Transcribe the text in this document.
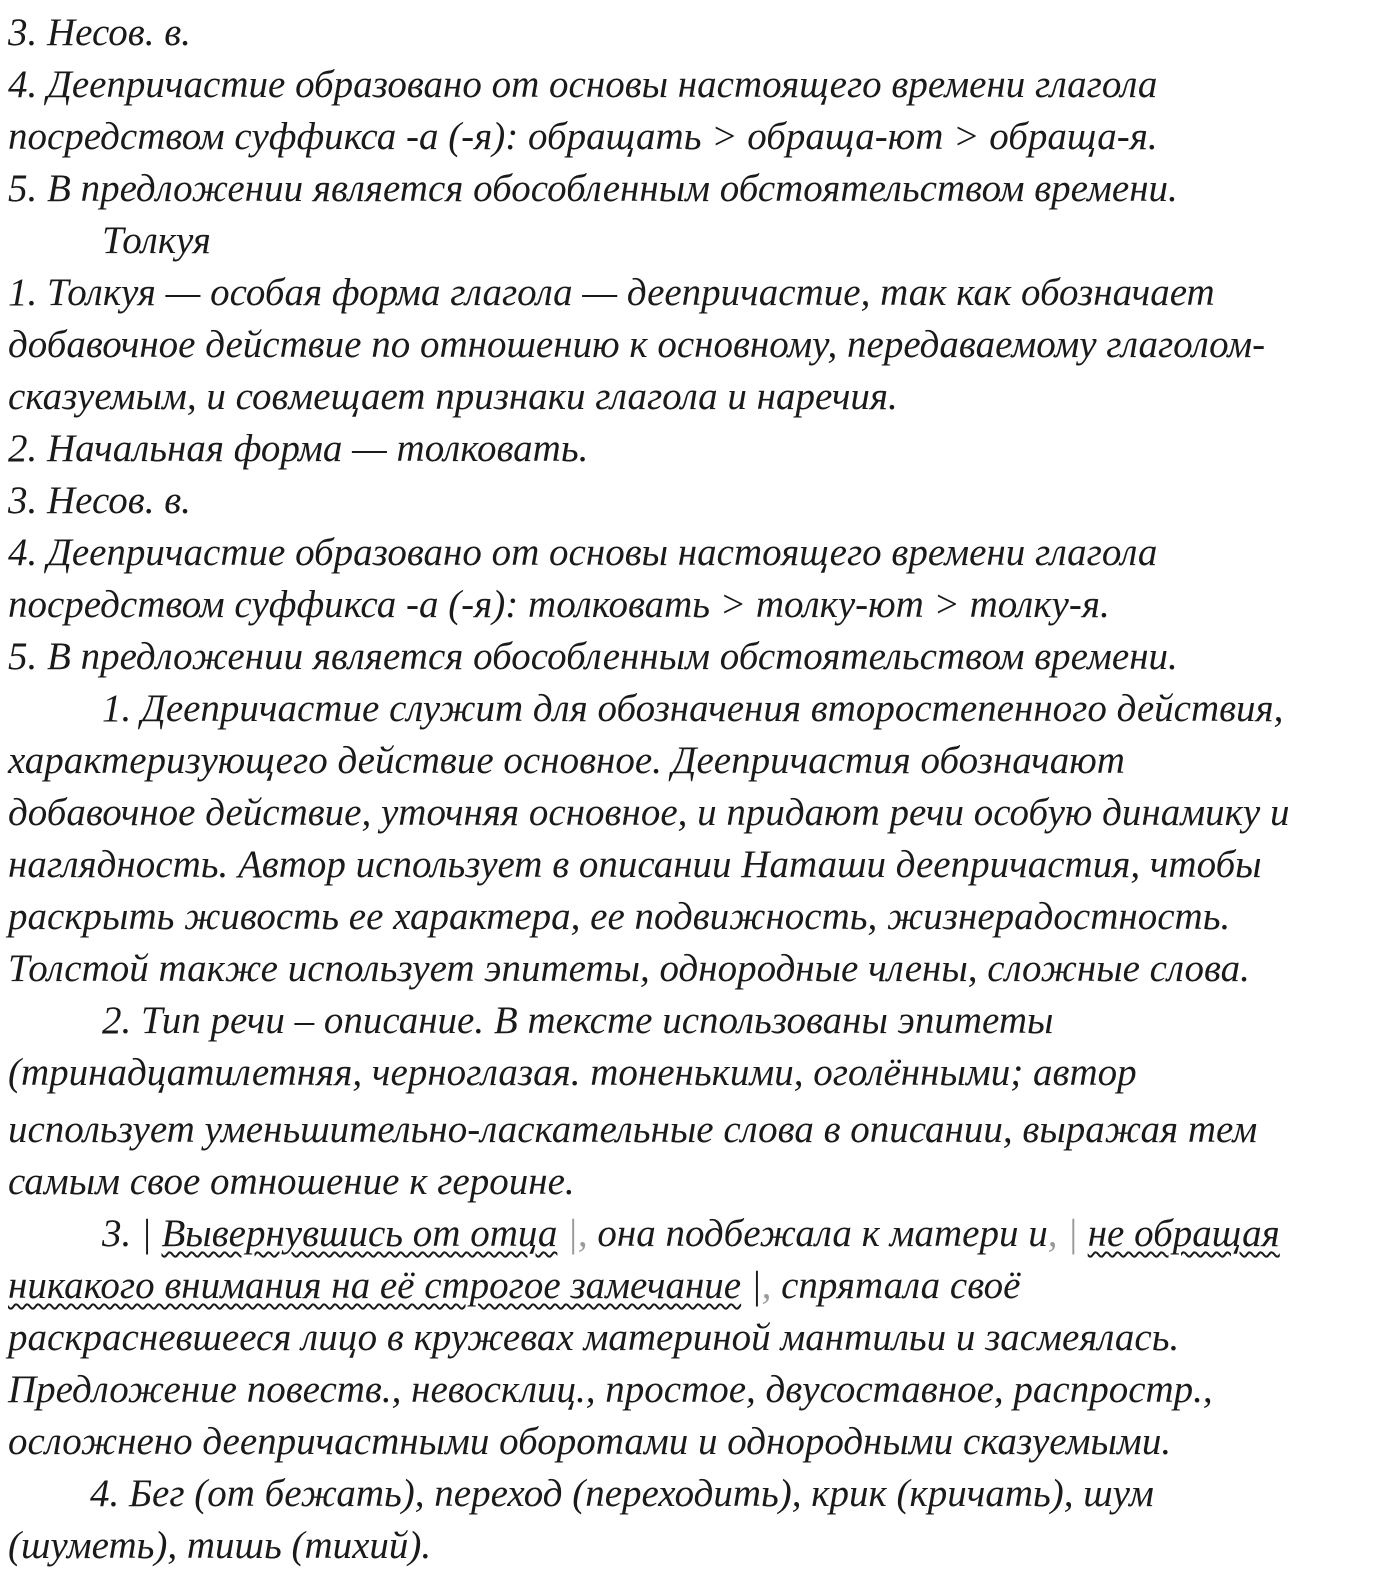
3. Несов. в.
4. Деепричастие образовано от основы настоящего времени глагола
посредством суффикса -а (-я): обращать > обраща-ют > обраща-я.
5. В предложении является обособленным обстоятельством времени.
Толкуя
1. Толкуя — особая форма глагола — деепричастие, так как обозначает
добавочное действие по отношению к основному, передаваемому глаголом-
сказуемым, и совмещает признаки глагола и наречия.
2. Начальная форма — толковать.
3. Несов. в.
4. Деепричастие образовано от основы настоящего времени глагола
посредством суффикса -а (-я): толковать > толку-ют > толку-я.
5. В предложении является обособленным обстоятельством времени.
1. Деепричастие служит для обозначения второстепенного действия,
характеризующего действие основное. Деепричастия обозначают
добавочное действие, уточняя основное, и придают речи особую динамику и
наглядность. Автор использует в описании Наташи деепричастия, чтобы
раскрыть живость ее характера, ее подвижность, жизнерадостность.
Толстой также использует эпитеты, однородные члены, сложные слова.
2. Тип речи – описание. В тексте использованы эпитеты
(тринадцатилетняя, черноглазая. тоненькими, оголёнными; автор
использует уменьшительно-ласкательные слова в описании, выражая тем
самым свое отношение к героине.
3. | Вывернувшись от отца |, она подбежала к матери и, | не обращая
никакого внимания на её строгое замечание |, спрятала своё
раскрасневшееся лицо в кружевах материной мантильи и засмеялась.
Предложение повеств., невосклиц., простое, двусоставное, распростр.,
осложнено деепричастными оборотами и однородными сказуемыми.
4. Бег (от бежать), переход (переходить), крик (кричать), шум
(шуметь), тишь (тихий).
